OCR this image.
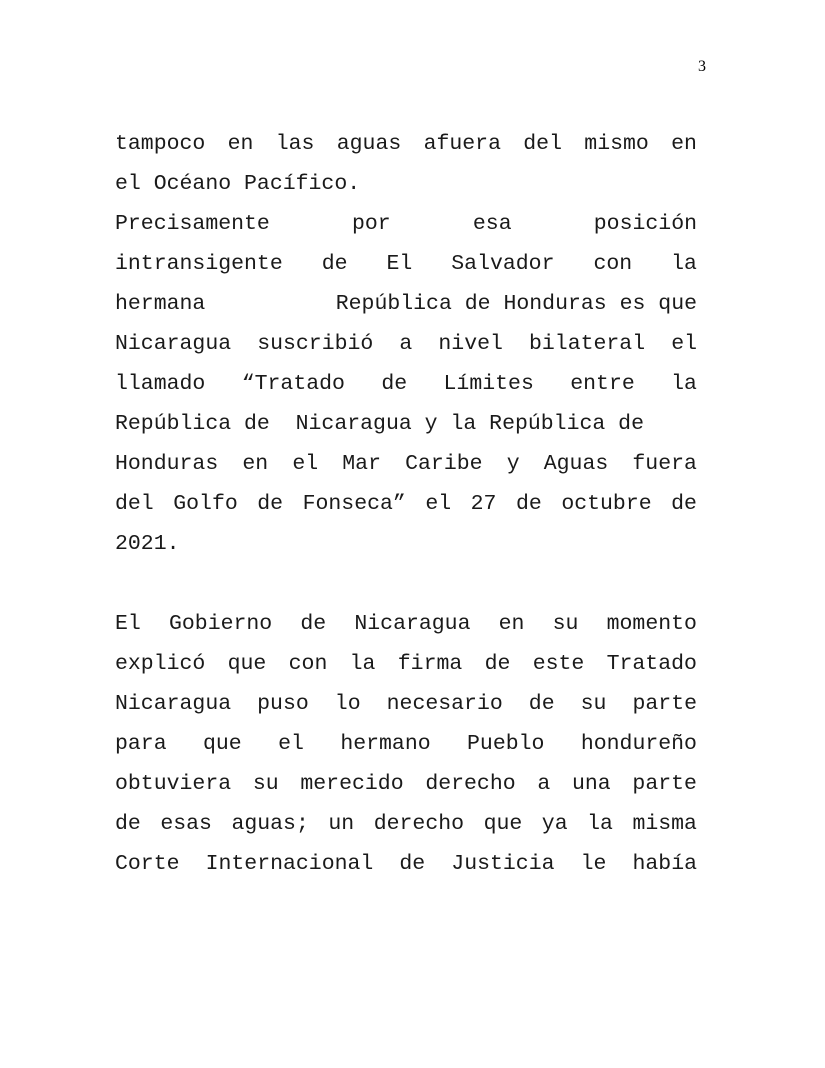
3
tampoco en las aguas afuera del mismo en
el Océano Pacífico.
Precisamente	por	esa	posición
intransigente de El Salvador con la
hermana	República de Honduras es que
Nicaragua suscribió a nivel bilateral el
llamado “Tratado de Límites entre la
República de  Nicaragua y la República de
Honduras en el Mar Caribe y Aguas fuera
del Golfo de Fonseca” el 27 de octubre de
2021.
El Gobierno de Nicaragua en su momento
explicó que con la firma de este Tratado
Nicaragua puso lo necesario de su parte
para que el hermano Pueblo hondureño
obtuviera su merecido derecho a una parte
de esas aguas; un derecho que ya la misma
Corte Internacional de Justicia le había
